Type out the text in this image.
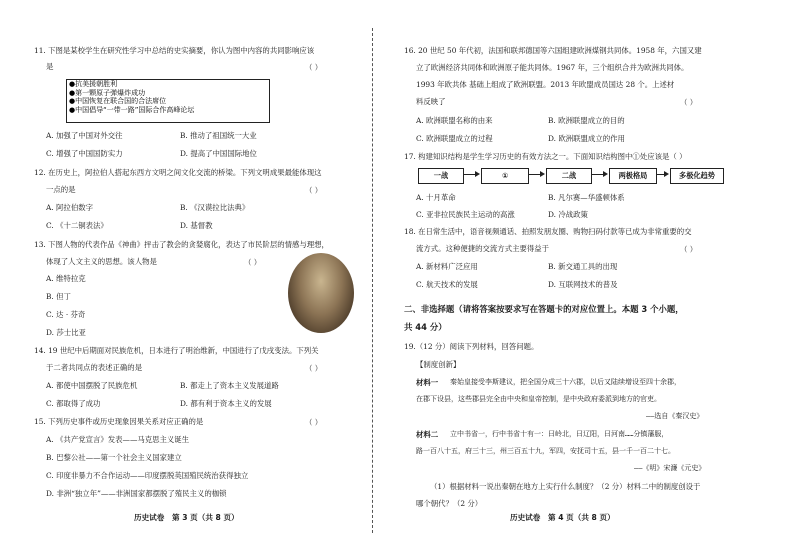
11. 下图是某校学生在研究性学习中总结的史实摘要，你认为图中内容的共同影响应该
是	（ ）
●抗美援朝胜利
●第一颗原子弹爆炸成功
●中国恢复在联合国的合法席位
●中国倡导“一带一路”国际合作高峰论坛
A. 加强了中国对外交往	B. 推动了祖国统一大业
C. 增强了中国国防实力	D. 提高了中国国际地位
12. 在历史上，阿拉伯人搭起东西方文明之间文化交流的桥梁。下列文明成果最能体现这
一点的是	（ ）
A. 阿拉伯数字	B. 《汉谟拉比法典》
C. 《十二铜表法》	D. 基督教
13. 下图人物的代表作品《神曲》抨击了教会的贪婪腐化，表达了市民阶层的情感与理想，
体现了人文主义的思想。该人物是	（ ）
A. 维特拉克
B. 但丁
C. 达 · 芬奇
D. 莎士比亚
14. 19 世纪中后期面对民族危机，日本进行了明治维新，中国进行了戊戌变法。下列关
于二者共同点的表述正确的是	（ ）
A. 都使中国摆脱了民族危机	B. 都走上了资本主义发展道路
C. 都取得了成功	D. 都有利于资本主义的发展
15. 下列历史事件或历史现象因果关系对应正确的是	（ ）
A. 《共产党宣言》发表——马克思主义诞生
B. 巴黎公社——第一个社会主义国家建立
C. 印度非暴力不合作运动——印度摆脱英国殖民统治获得独立
D. 非洲“独立年”——非洲国家都摆脱了殖民主义的枷锁
历史试卷　第 3 页（共 8 页）
16. 20 世纪 50 年代初，法国和联邦德国等六国组建欧洲煤钢共同体。1958 年，六国又建
立了欧洲经济共同体和欧洲原子能共同体。1967 年，三个组织合并为欧洲共同体。
1993 年欧共体 基础上组成了欧洲联盟。2013 年欧盟成员国达 28 个。上述材
料反映了	（ ）
A. 欧洲联盟名称的由来	B. 欧洲联盟成立的目的
C. 欧洲联盟成立的过程	D. 欧洲联盟成立的作用
17. 构建知识结构是学生学习历史的有效方法之一。下面知识结构图中①处应该是（ ）
一战	①	二战	两极格局	多极化趋势
A. 十月革命	B. 凡尔赛—华盛顿体系
C. 亚非拉民族民主运动的高涨	D. 冷战政策
18. 在日常生活中，语音视频通话、拍照发朋友圈、购物扫码付款等已成为非常重要的交
流方式。这种便捷的交流方式主要得益于	（ ）
A. 新材料广泛应用	B. 新交通工具的出现
C. 航天技术的发展	D. 互联网技术的普及
二、非选择题（请将答案按要求写在答题卡的对应位置上。本题 3 个小题，
共 44 分）
19.（12 分）阅读下列材料，回答问题。
【制度创新】
材料一 秦始皇接受李斯建议，把全国分成三十六郡，以后又陆续增设至四十余郡，
在郡下设县，这些郡县完全由中央和皇帝控制，是中央政府委派到地方的官吏。
——选自《秦汉史》
材料二 立中书省一，行中书省十有一：曰岭北，曰辽阳，曰河南……分镇藩服，
路一百八十五，府三十三，州三百五十九，军四，安抚司十五，县一千一百二十七。
——《明》宋濂《元史》
（1）根据材料一说出秦朝在地方上实行什么制度？（2 分）材料二中的制度创设于
哪个朝代？（2 分）
历史试卷　第 4 页（共 8 页）
